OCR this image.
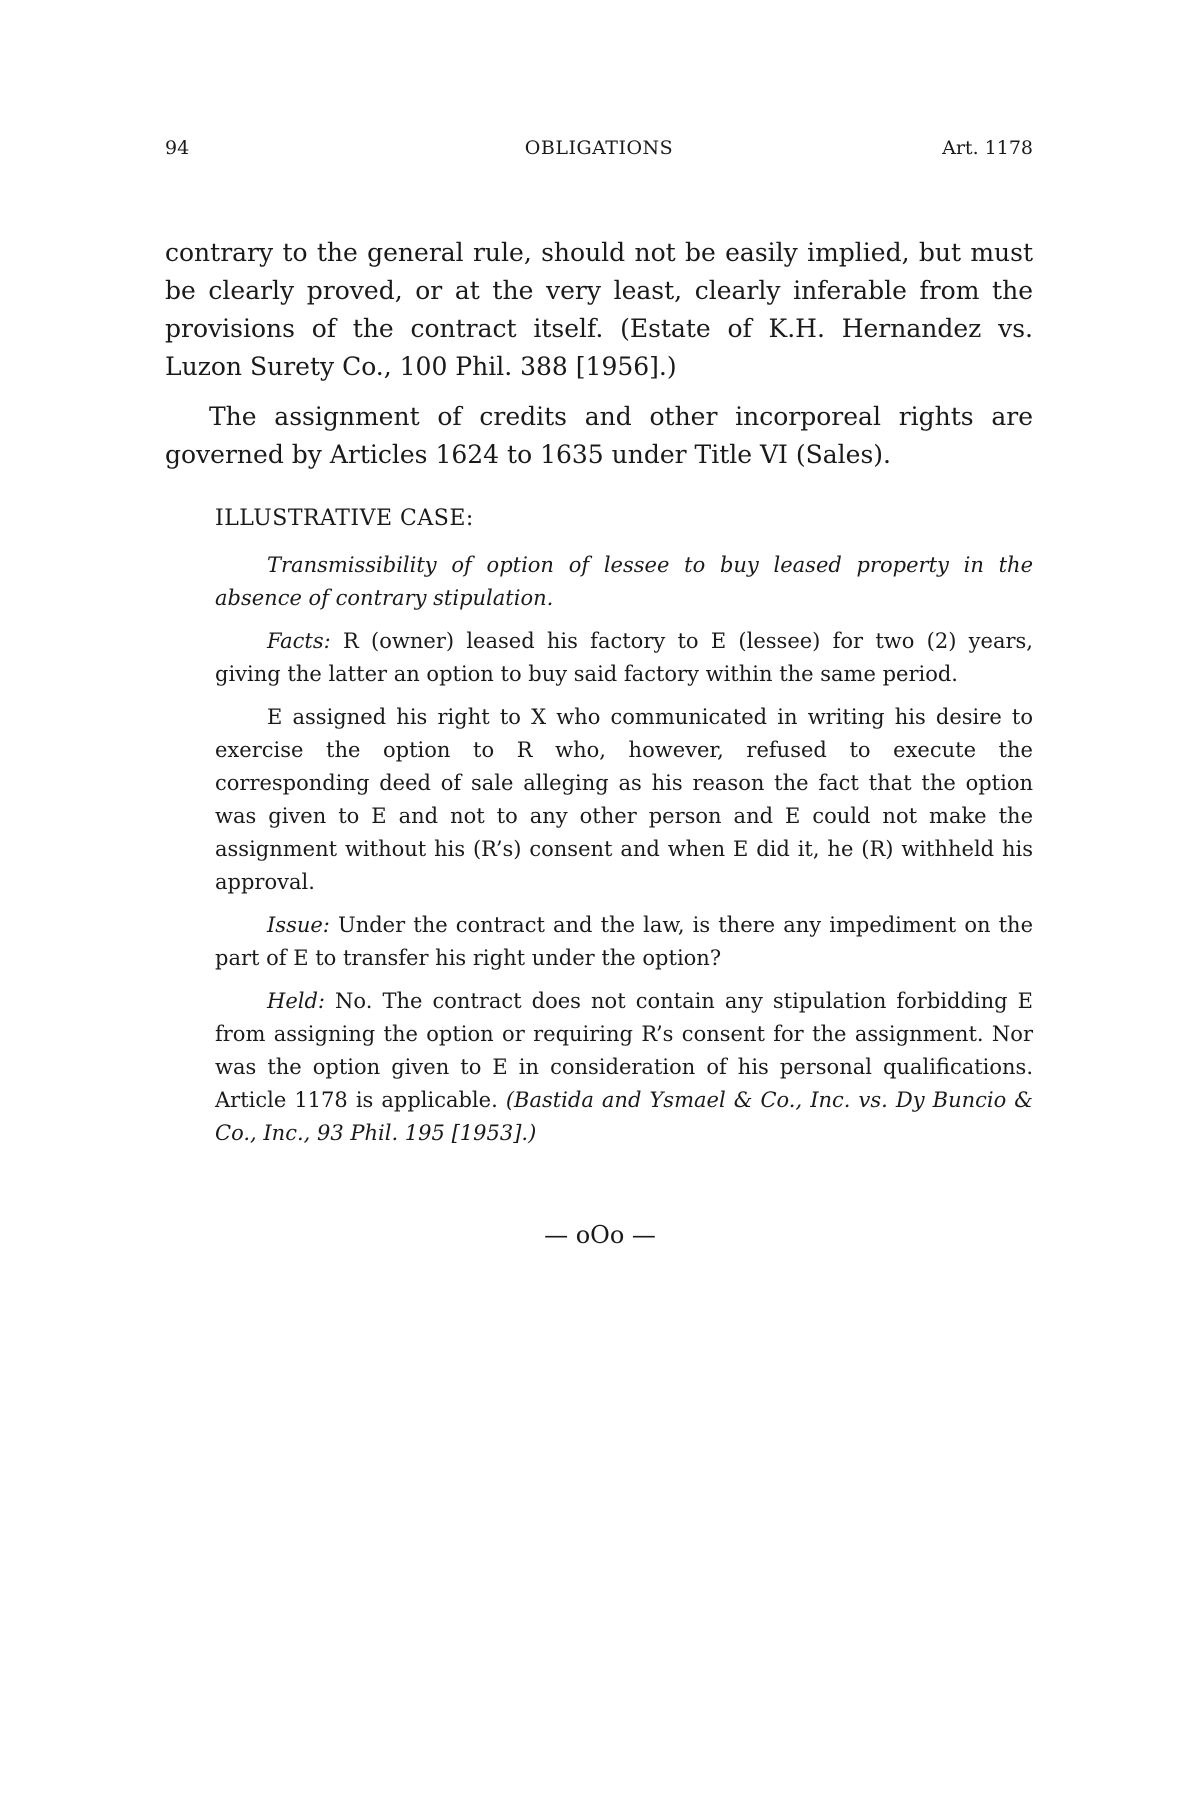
94	OBLIGATIONS	Art. 1178

contrary to the general rule, should not be easily implied, but must be clearly proved, or at the very least, clearly inferable from the provisions of the contract itself. (Estate of K.H. Hernandez vs. Luzon Surety Co., 100 Phil. 388 [1956].)

The assignment of credits and other incorporeal rights are governed by Articles 1624 to 1635 under Title VI (Sales).

ILLUSTRATIVE CASE:

Transmissibility of option of lessee to buy leased property in the absence of contrary stipulation.

Facts: R (owner) leased his factory to E (lessee) for two (2) years, giving the latter an option to buy said factory within the same period.

E assigned his right to X who communicated in writing his desire to exercise the option to R who, however, refused to execute the corresponding deed of sale alleging as his reason the fact that the option was given to E and not to any other person and E could not make the assignment without his (R’s) consent and when E did it, he (R) withheld his approval.

Issue: Under the contract and the law, is there any impediment on the part of E to transfer his right under the option?

Held: No. The contract does not contain any stipulation forbidding E from assigning the option or requiring R’s consent for the assignment. Nor was the option given to E in consideration of his personal qualifications. Article 1178 is applicable. (Bastida and Ysmael & Co., Inc. vs. Dy Buncio & Co., Inc., 93 Phil. 195 [1953].)

— oOo —
